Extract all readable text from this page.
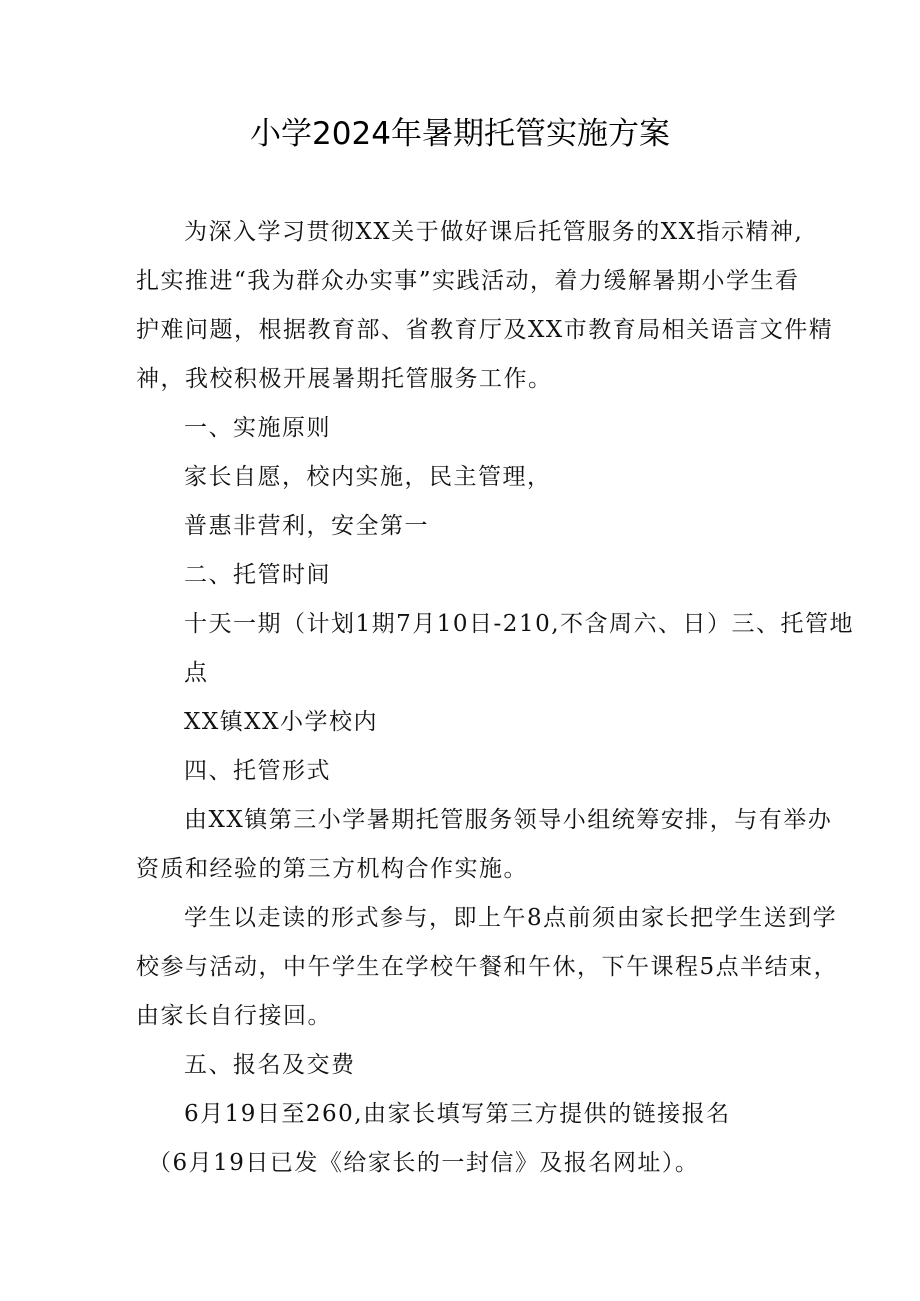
小学2024年暑期托管实施方案
为深入学习贯彻XX关于做好课后托管服务的XX指示精神,
扎实推进“我为群众办实事”实践活动，着力缓解暑期小学生看
护难问题，根据教育部、省教育厅及XX市教育局相关语言文件精
神，我校积极开展暑期托管服务工作。
一、实施原则
家长自愿，校内实施，民主管理，
普惠非营利，安全第一
二、托管时间
十天一期（计划1期7月10日-210,不含周六、日）三、托管地
点
XX镇XX小学校内
四、托管形式
由XX镇第三小学暑期托管服务领导小组统筹安排，与有举办
资质和经验的第三方机构合作实施。
学生以走读的形式参与，即上午8点前须由家长把学生送到学
校参与活动，中午学生在学校午餐和午休，下午课程5点半结束，
由家长自行接回。
五、报名及交费
6月19日至260,由家长填写第三方提供的链接报名
（6月19日已发《给家长的一封信》及报名网址）。
